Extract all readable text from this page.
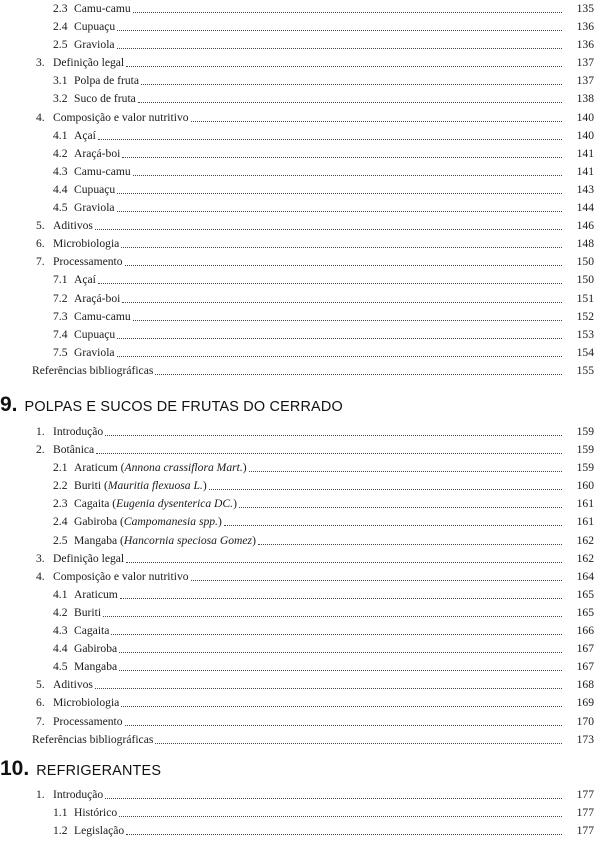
2.3 Camu-camu	135
2.4 Cupuaçu	136
2.5 Graviola	136
3. Definição legal	137
3.1 Polpa de fruta	137
3.2 Suco de fruta	138
4. Composição e valor nutritivo	140
4.1 Açaí	140
4.2 Araçá-boi	141
4.3 Camu-camu	141
4.4 Cupuaçu	143
4.5 Graviola	144
5. Aditivos	146
6. Microbiologia	148
7. Processamento	150
7.1 Açaí	150
7.2 Araçá-boi	151
7.3 Camu-camu	152
7.4 Cupuaçu	153
7.5 Graviola	154
Referências bibliográficas	155
9. POLPAS E SUCOS DE FRUTAS DO CERRADO
1. Introdução	159
2. Botânica	159
2.1 Araticum (Annona crassiflora Mart.)	159
2.2 Buriti (Mauritia flexuosa L.)	160
2.3 Cagaita (Eugenia dysenterica DC.)	161
2.4 Gabiroba (Campomanesia spp.)	161
2.5 Mangaba (Hancornia speciosa Gomez)	162
3. Definição legal	162
4. Composição e valor nutritivo	164
4.1 Araticum	165
4.2 Buriti	165
4.3 Cagaita	166
4.4 Gabiroba	167
4.5 Mangaba	167
5. Aditivos	168
6. Microbiologia	169
7. Processamento	170
Referências bibliográficas	173
10. REFRIGERANTES
1. Introdução	177
1.1 Histórico	177
1.2 Legislação	177
